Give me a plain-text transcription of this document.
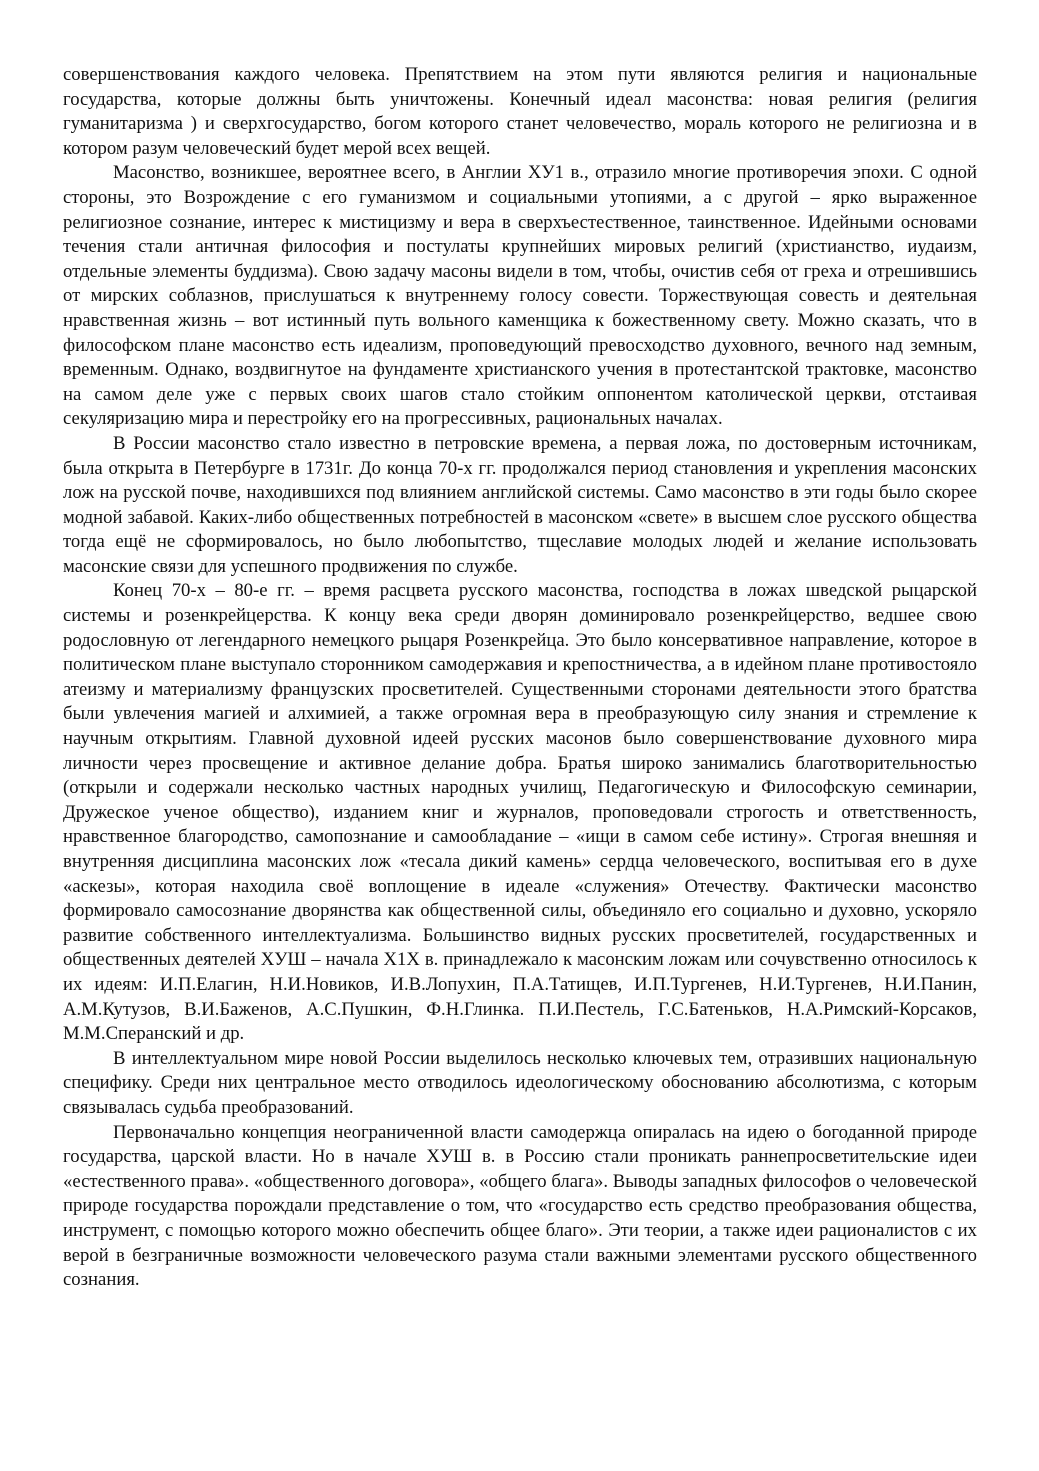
совершенствования каждого человека. Препятствием на этом пути являются религия и национальные государства, которые должны быть уничтожены. Конечный идеал масонства: новая религия (религия гуманитаризма ) и сверхгосударство, богом которого станет человечество, мораль которого не религиозна и в котором разум человеческий будет мерой всех вещей.

Масонство, возникшее, вероятнее всего, в Англии ХУ1 в., отразило многие противоречия эпохи. С одной стороны, это Возрождение с его гуманизмом и социальными утопиями, а с другой – ярко выраженное религиозное сознание, интерес к мистицизму и вера в сверхъестественное, таинственное. Идейными основами течения стали античная философия и постулаты крупнейших мировых религий (христианство, иудаизм, отдельные элементы буддизма). Свою задачу масоны видели в том, чтобы, очистив себя от греха и отрешившись от мирских соблазнов, прислушаться к внутреннему голосу совести. Торжествующая совесть и деятельная нравственная жизнь – вот истинный путь вольного каменщика к божественному свету. Можно сказать, что в философском плане масонство есть идеализм, проповедующий превосходство духовного, вечного над земным, временным. Однако, воздвигнутое на фундаменте христианского учения в протестантской трактовке, масонство на самом деле уже с первых своих шагов стало стойким оппонентом католической церкви, отстаивая секуляризацию мира и перестройку его на прогрессивных, рациональных началах.

В России масонство стало известно в петровские времена, а первая ложа, по достоверным источникам, была открыта в Петербурге в 1731г. До конца 70-х гг. продолжался период становления и укрепления масонских лож на русской почве, находившихся под влиянием английской системы. Само масонство в эти годы было скорее модной забавой. Каких-либо общественных потребностей в масонском «свете» в высшем слое русского общества тогда ещё не сформировалось, но было любопытство, тщеславие молодых людей и желание использовать масонские связи для успешного продвижения по службе.

Конец 70-х – 80-е гг. – время расцвета русского масонства, господства в ложах шведской рыцарской системы и розенкрейцерства. К концу века среди дворян доминировало розенкрейцерство, ведшее свою родословную от легендарного немецкого рыцаря Розенкрейца. Это было консервативное направление, которое в политическом плане выступало сторонником самодержавия и крепостничества, а в идейном плане противостояло атеизму и материализму французских просветителей. Существенными сторонами деятельности этого братства были увлечения магией и алхимией, а также огромная вера в преобразующую силу знания и стремление к научным открытиям. Главной духовной идеей русских масонов было совершенствование духовного мира личности через просвещение и активное делание добра. Братья широко занимались благотворительностью (открыли и содержали несколько частных народных училищ, Педагогическую и Философскую семинарии, Дружеское ученое общество), изданием книг и журналов, проповедовали строгость и ответственность, нравственное благородство, самопознание и самообладание – «ищи в самом себе истину». Строгая внешняя и внутренняя дисциплина масонских лож «тесала дикий камень» сердца человеческого, воспитывая его в духе «аскезы», которая находила своё воплощение в идеале «служения» Отечеству. Фактически масонство формировало самосознание дворянства как общественной силы, объединяло его социально и духовно, ускоряло развитие собственного интеллектуализма. Большинство видных русских просветителей, государственных и общественных деятелей ХУШ – начала Х1Х в. принадлежало к масонским ложам или сочувственно относилось к их идеям: И.П.Елагин, Н.И.Новиков, И.В.Лопухин, П.А.Татищев, И.П.Тургенев, Н.И.Тургенев, Н.И.Панин, А.М.Кутузов, В.И.Баженов, А.С.Пушкин, Ф.Н.Глинка. П.И.Пестель, Г.С.Батеньков, Н.А.Римский-Корсаков, М.М.Сперанский и др.

В интеллектуальном мире новой России выделилось несколько ключевых тем, отразивших национальную специфику. Среди них центральное место отводилось идеологическому обоснованию абсолютизма, с которым связывалась судьба преобразований.

Первоначально концепция неограниченной власти самодержца опиралась на идею о богоданной природе государства, царской власти. Но в начале ХУШ в. в Россию стали проникать раннепросветительские идеи «естественного права». «общественного договора», «общего блага». Выводы западных философов о человеческой природе государства порождали представление о том, что «государство есть средство преобразования общества, инструмент, с помощью которого можно обеспечить общее благо». Эти теории, а также идеи рационалистов с их верой в безграничные возможности человеческого разума стали важными элементами русского общественного сознания.
